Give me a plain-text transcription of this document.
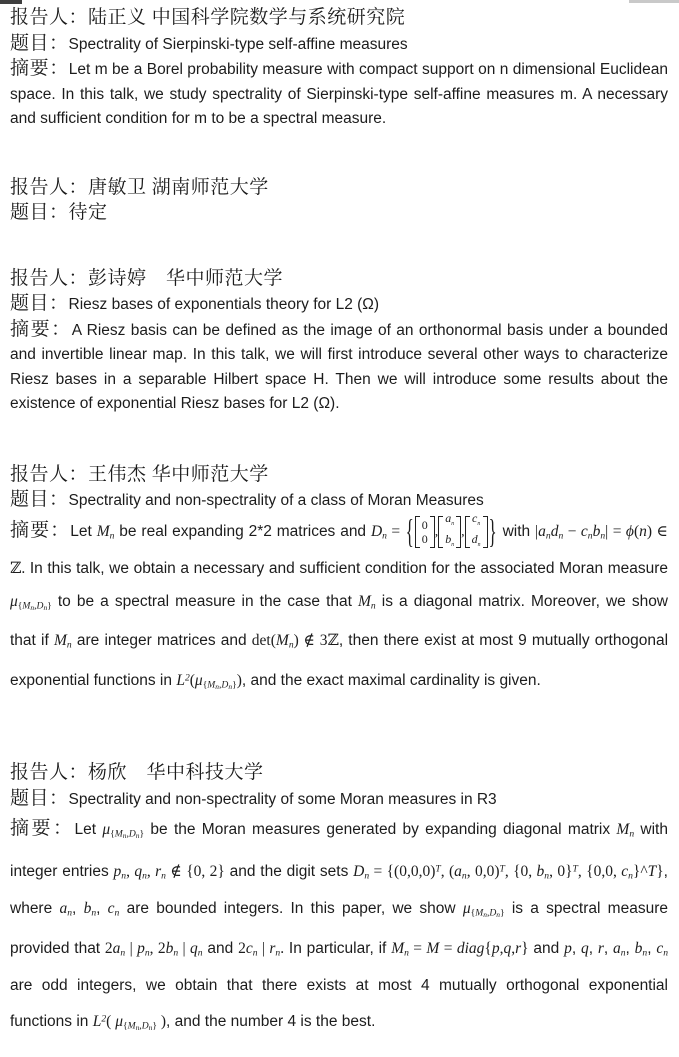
报告人：陆正义 中国科学院数学与系统研究院
题目：Spectrality of Sierpinski-type self-affine measures

摘要：Let m be a Borel probability measure with compact support on n dimensional Euclidean space. In this talk, we study spectrality of Sierpinski-type self-affine measures m. A necessary and sufficient condition for m to be a spectral measure.

报告人：唐敏卫 湖南师范大学
题目：待定
报告人：彭诗婷　华中师范大学
题目：Riesz bases of exponentials theory for L2 (Ω)

摘要：A Riesz basis can be defined as the image of an orthonormal basis under a bounded and invertible linear map. In this talk, we will first introduce several other ways to characterize Riesz bases in a separable Hilbert space H. Then we will introduce some results about the existence of exponential Riesz bases for L2 (Ω).

报告人：王伟杰 华中师范大学
题目：Spectrality and non-spectrality of a class of Moran Measures

摘要：Let Mn be real expanding 2*2 matrices and Dn = { 0
0 ,
$a_n$
$b_n$
,
$c_n$
$d_n$ } with |andn − cnbn| = ϕ(n) ∈ ℤ. In this talk, we obtain a necessary and sufficient condition for the associated Moran measure $\mu\{M_n,D_n\}$ to be a spectral measure in the case that Mn is a diagonal matrix. Moreover, we show that if Mn are integer matrices and det(Mn) ∉ 3ℤ, then there exist at most 9 mutually orthogonal exponential functions in $L^2(\mu\{M_n,D_n\})$, and the exact maximal cardinality is given.

报告人：杨欣　华中科技大学
题目：Spectrality and non-spectrality of some Moran measures in R3

摘要：Let $\mu\{M_n,D_n\}$ be the Moran measures generated by expanding diagonal matrix Mn with integer entries pn, qn, rn ∉ {0, 2} and the digit sets $Dn = \{(0,0,0)^T$, (an, 0,0)$^T$, {0, bn, 0}$^T$, {0,0, cn}^T}, where an, bn, cn are bounded integers. In this paper, we show $\mu\{M_n,D_n\}$ is a spectral measure provided that 2an | pn, 2bn | qn and 2cn | rn. In particular, if Mn = M = diag{p,q,r} and p, q, r, an, bn, cn are odd integers, we obtain that there exists at most 4 mutually orthogonal exponential functions in $L^2$( $\mu\{M_n,D_n\}$ ), and the number 4 is the best.
